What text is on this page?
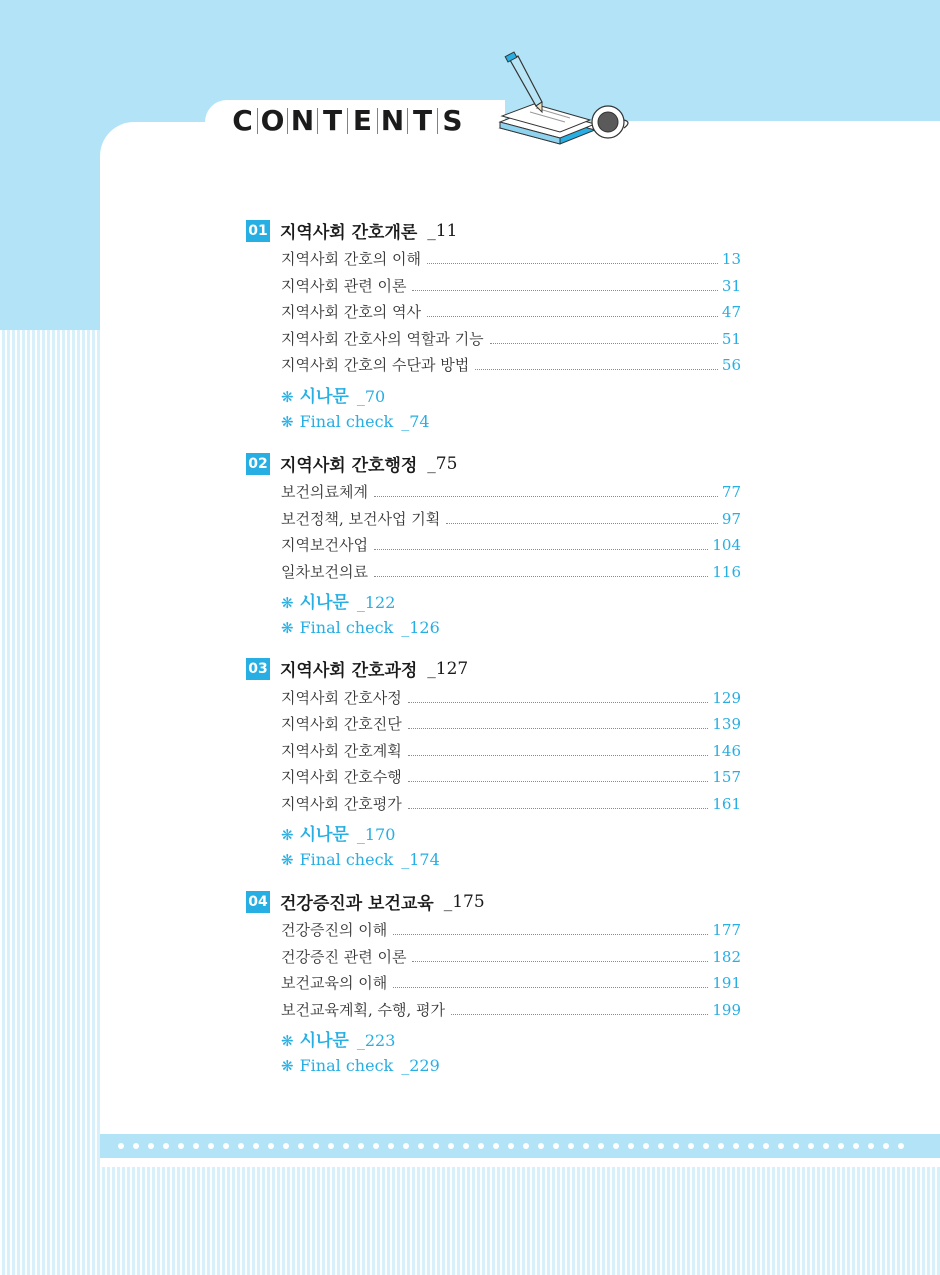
C O N T E N T S
01 지역사회 간호개론 _11
지역사회 간호의 이해	13
지역사회 관련 이론	31
지역사회 간호의 역사	47
지역사회 간호사의 역할과 기능	51
지역사회 간호의 수단과 방법	56
❋ 시나문 _70
❋ Final check _74
02 지역사회 간호행정 _75
보건의료체계	77
보건정책, 보건사업 기획	97
지역보건사업	104
일차보건의료	116
❋ 시나문 _122
❋ Final check _126
03 지역사회 간호과정 _127
지역사회 간호사정	129
지역사회 간호진단	139
지역사회 간호계획	146
지역사회 간호수행	157
지역사회 간호평가	161
❋ 시나문 _170
❋ Final check _174
04 건강증진과 보건교육 _175
건강증진의 이해	177
건강증진 관련 이론	182
보건교육의 이해	191
보건교육계획, 수행, 평가	199
❋ 시나문 _223
❋ Final check _229
